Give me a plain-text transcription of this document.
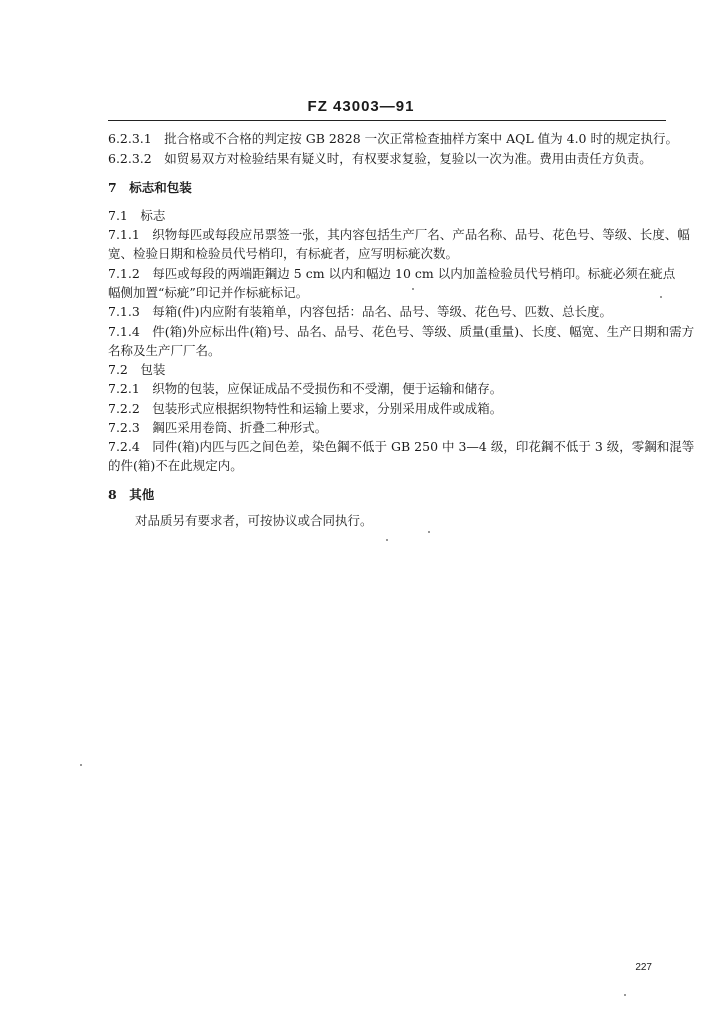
FZ 43003—91
6.2.3.1　批合格或不合格的判定按 GB 2828 一次正常检查抽样方案中 AQL 值为 4.0 时的规定执行。
6.2.3.2　如贸易双方对检验结果有疑义时，有权要求复验，复验以一次为准。费用由责任方负责。
7　标志和包装
7.1　标志
7.1.1　织物每匹或每段应吊票签一张，其内容包括生产厂名、产品名称、品号、花色号、等级、长度、幅
宽、检验日期和检验员代号梢印，有标疵者，应写明标疵次数。
7.1.2　每匹或每段的两端距鋼边 5 cm 以内和幅边 10 cm 以内加盖检验员代号梢印。标疵必须在疵点
幅侧加置“标疵”印记并作标疵标记。
7.1.3　每箱(件)内应附有装箱单，内容包括：品名、品号、等级、花色号、匹数、总长度。
7.1.4　件(箱)外应标出件(箱)号、品名、品号、花色号、等级、质量(重量)、长度、幅宽、生产日期和需方
名称及生产厂厂名。
7.2　包装
7.2.1　织物的包装，应保证成品不受损伤和不受潮，便于运输和储存。
7.2.2　包装形式应根据织物特性和运输上要求，分别采用成件或成箱。
7.2.3　鋼匹采用卷筒、折叠二种形式。
7.2.4　同件(箱)内匹与匹之间色差，染色鋼不低于 GB 250 中 3—4 级，印花鋼不低于 3 级，零鋼和混等
的件(箱)不在此规定内。
8　其他
对品质另有要求者，可按协议或合同执行。
227
